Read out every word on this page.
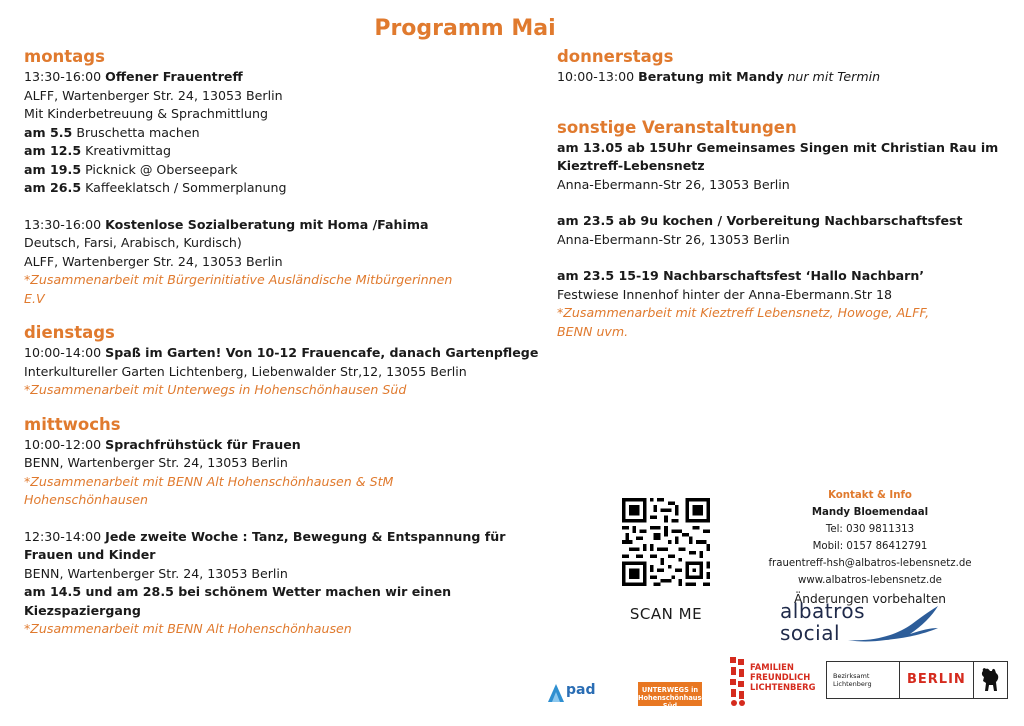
Programm Mai
montags
13:30-16:00 Offener Frauentreff
ALFF, Wartenberger Str. 24, 13053 Berlin
Mit Kinderbetreuung & Sprachmittlung
am 5.5 Bruschetta machen
am 12.5 Kreativmittag
am 19.5 Picknick @ Oberseepark
am 26.5 Kaffeeklatsch / Sommerplanung
13:30-16:00 Kostenlose Sozialberatung mit Homa /Fahima
Deutsch, Farsi, Arabisch, Kurdisch)
ALFF, Wartenberger Str. 24, 13053 Berlin
*Zusammenarbeit mit Bürgerinitiative Ausländische Mitbürgerinnen
E.V
dienstags
10:00-14:00 Spaß im Garten! Von 10-12 Frauencafe, danach Gartenpflege
Interkultureller Garten Lichtenberg, Liebenwalder Str,12, 13055 Berlin
*Zusammenarbeit mit Unterwegs in Hohenschönhausen Süd
mittwochs
10:00-12:00 Sprachfrühstück für Frauen
BENN, Wartenberger Str. 24, 13053 Berlin
*Zusammenarbeit mit BENN Alt Hohenschönhausen & StM
Hohenschönhausen
12:30-14:00 Jede zweite Woche : Tanz, Bewegung & Entspannung für
Frauen und Kinder
BENN, Wartenberger Str. 24, 13053 Berlin
am 14.5 und am 28.5 bei schönem Wetter machen wir einen
Kiezspaziergang
*Zusammenarbeit mit BENN Alt Hohenschönhausen
donnerstags
10:00-13:00 Beratung mit Mandy nur mit Termin
sonstige Veranstaltungen
am 13.05 ab 15Uhr Gemeinsames Singen mit Christian Rau im
Kieztreff-Lebensnetz
Anna-Ebermann-Str 26, 13053 Berlin
am 23.5 ab 9u kochen / Vorbereitung Nachbarschaftsfest
Anna-Ebermann-Str 26, 13053 Berlin
am 23.5 15-19 Nachbarschaftsfest ‘Hallo Nachbarn’
Festwiese Innenhof hinter der Anna-Ebermann.Str 18
*Zusammenarbeit mit Kieztreff Lebensnetz, Howoge, ALFF,
BENN uvm.
SCAN ME
Kontakt & Info
Mandy Bloemendaal
Tel: 030 9811313
Mobil: 0157 86412791
frauentreff-hsh@albatros-lebensnetz.de
www.albatros-lebensnetz.de
Änderungen vorbehalten
albatros
social
pad	UNTERWEGS in Hohenschönhausen Süd
FAMILIEN
FREUNDLICH
LICHTENBERG
Bezirksamt
Lichtenberg	BERLIN
